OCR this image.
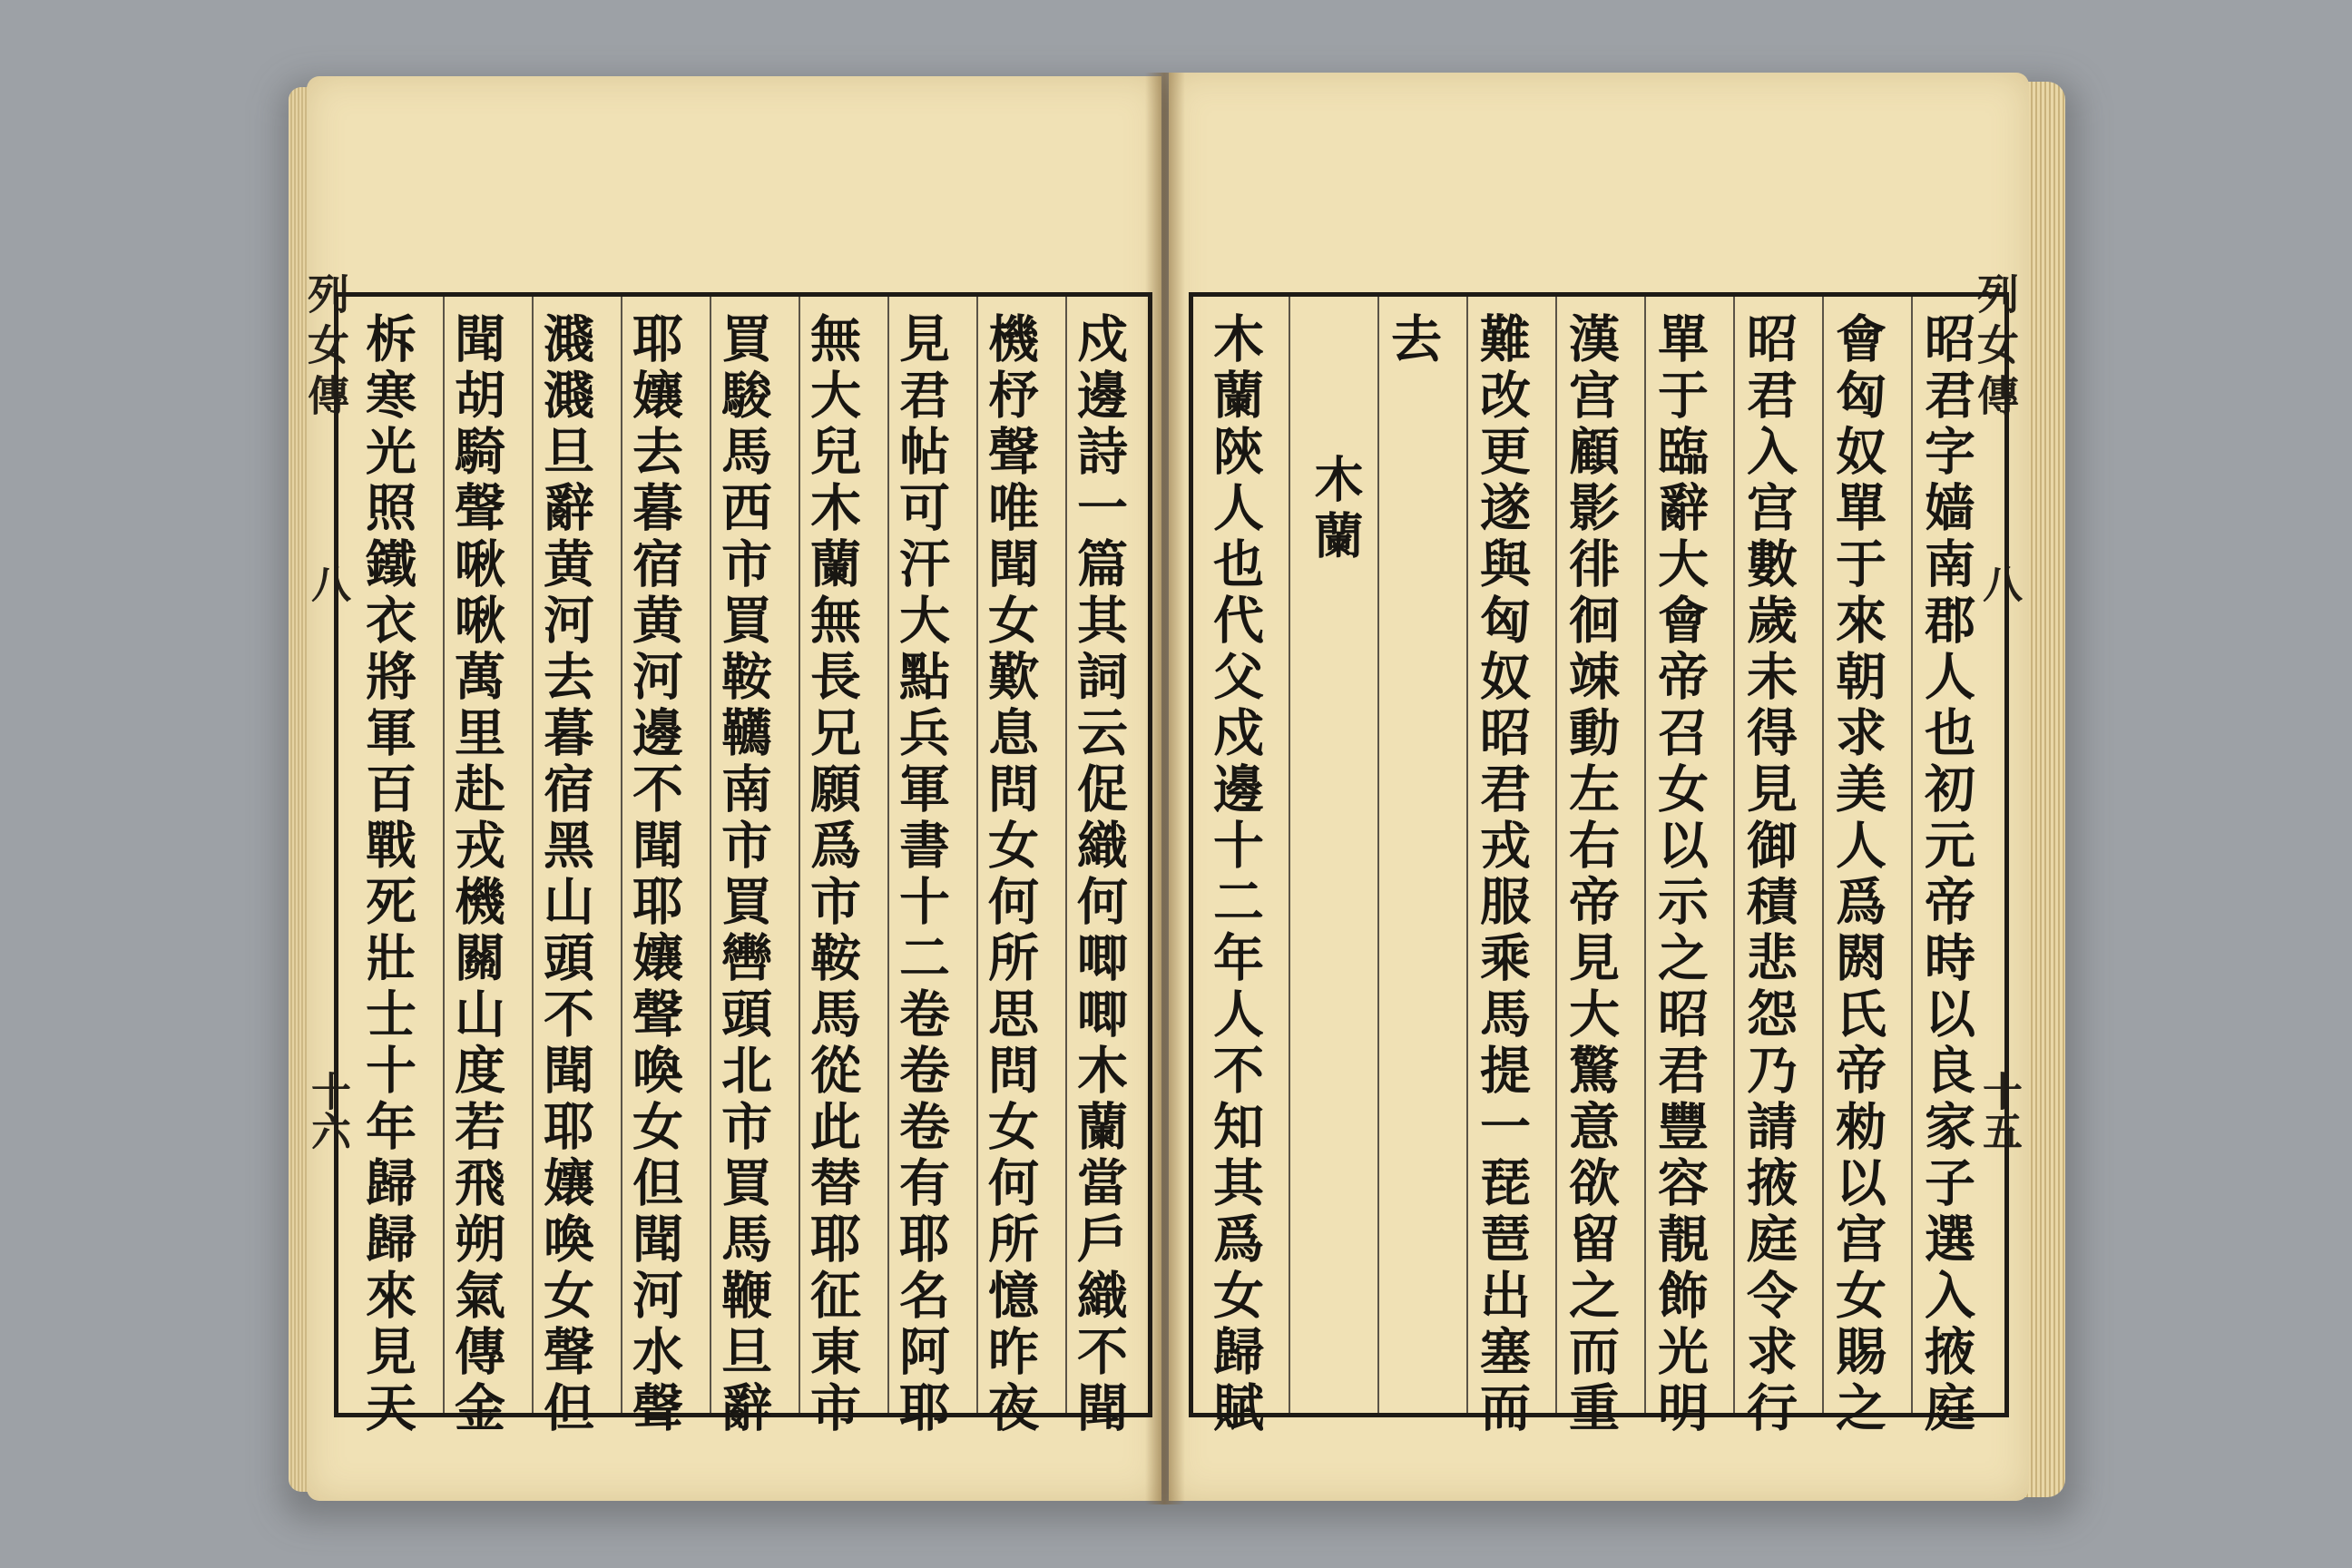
列女傳
八
十六
列女傳
八
十五
戍邊詩一篇其詞云促織何唧唧木蘭當戶織不聞
機杼聲唯聞女歎息問女何所思問女何所憶昨夜
見君帖可汗大點兵軍書十二卷卷卷有耶名阿耶
無大兒木蘭無長兄願爲市鞍馬從此替耶征東市
買駿馬西市買鞍韉南市買轡頭北市買馬鞭旦辭
耶孃去暮宿黄河邊不聞耶孃聲喚女但聞河水聲
濺濺旦辭黄河去暮宿黑山頭不聞耶孃喚女聲但
聞胡騎聲啾啾萬里赴戎機關山度若飛朔氣傳金
柝寒光照鐵衣將軍百戰死壯士十年歸歸來見天	昭君字嫱南郡人也初元帝時以良家子選入掖庭
會匈奴單于來朝求美人爲閼氏帝勑以宫女賜之
昭君入宫數歲未得見御積悲怨乃請掖庭令求行
單于臨辭大會帝召女以示之昭君豐容靚飾光明
漢宫顧影徘徊竦動左右帝見大驚意欲留之而重
難改更遂與匈奴昭君戎服乘馬提一琵琶出塞而
去
木蘭
木蘭陝人也代父戍邊十二年人不知其爲女歸賦
